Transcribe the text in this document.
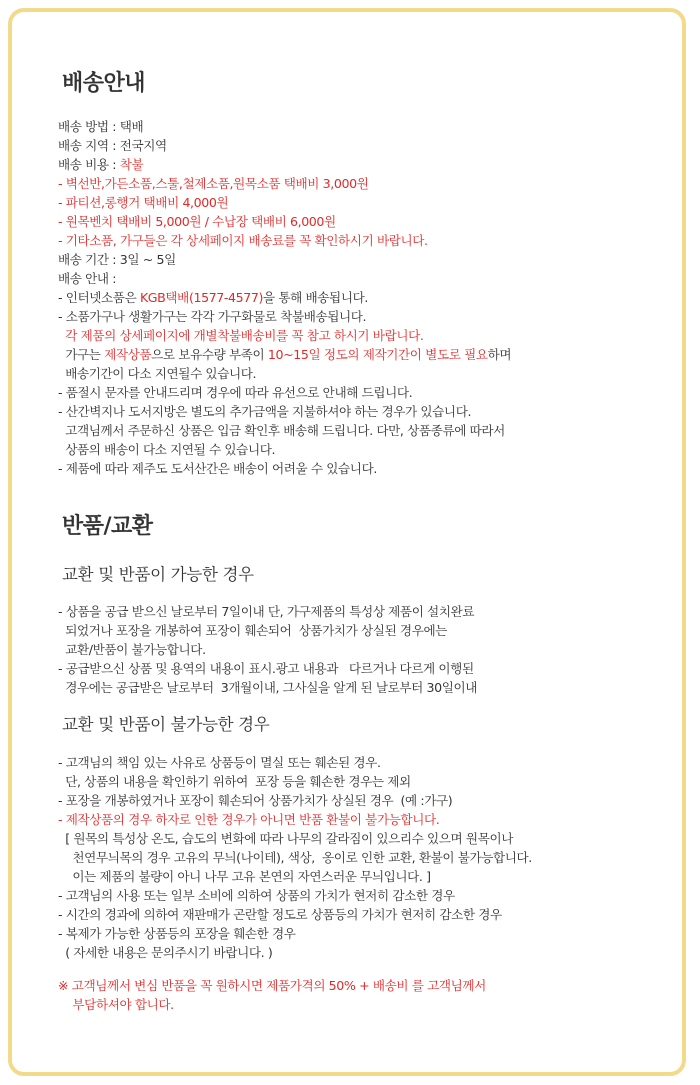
배송안내
배송 방법 : 택배
배송 지역 : 전국지역
배송 비용 : 착불
- 벽선반,가든소품,스툴,철제소품,원목소품 택배비 3,000원
- 파티션,롱행거 택배비 4,000원
- 원목벤치 택배비 5,000원 / 수납장 택배비 6,000원
- 기타소품, 가구들은 각 상세페이지 배송료를 꼭 확인하시기 바랍니다.
배송 기간 : 3일 ~ 5일
배송 안내 :
- 인터넷소품은 KGB택배(1577-4577)을 통해 배송됩니다.
- 소품가구나 생활가구는 각각 가구화물로 착불배송됩니다.
각 제품의 상세페이지에 개별착불배송비를 꼭 참고 하시기 바랍니다.
가구는 제작상품으로 보유수량 부족이 10~15일 정도의 제작기간이 별도로 필요하며
배송기간이 다소 지연될수 있습니다.
- 품절시 문자를 안내드리며 경우에 따라 유선으로 안내해 드립니다.
- 산간벽지나 도서지방은 별도의 추가금액을 지불하셔야 하는 경우가 있습니다.
고객님께서 주문하신 상품은 입금 확인후 배송해 드립니다. 다만, 상품종류에 따라서
상품의 배송이 다소 지연될 수 있습니다.
- 제품에 따라 제주도 도서산간은 배송이 어려울 수 있습니다.
반품/교환
교환 및 반품이 가능한 경우
- 상품을 공급 받으신 날로부터 7일이내 단, 가구제품의 특성상 제품이 설치완료
되었거나 포장을 개봉하여 포장이 훼손되어  상품가치가 상실된 경우에는
교환/반품이 불가능합니다.
- 공급받으신 상품 및 용역의 내용이 표시.광고 내용과   다르거나 다르게 이행된
경우에는 공급받은 날로부터  3개월이내, 그사실을 알게 된 날로부터 30일이내
교환 및 반품이 불가능한 경우
- 고객님의 책임 있는 사유로 상품등이 멸실 또는 훼손된 경우.
단, 상품의 내용을 확인하기 위하여  포장 등을 훼손한 경우는 제외
- 포장을 개봉하였거나 포장이 훼손되어 상품가치가 상실된 경우  (예 :가구)
- 제작상품의 경우 하자로 인한 경우가 아니면 반품 환불이 불가능합니다.
[ 원목의 특성상 온도, 습도의 변화에 따라 나무의 갈라짐이 있으리수 있으며 원목이나
천연무늬목의 경우 고유의 무늬(나이테), 색상,  옹이로 인한 교환, 환불이 불가능합니다.
이는 제품의 불량이 아니 나무 고유 본연의 자연스러운 무늬입니다. ]
- 고객님의 사용 또는 일부 소비에 의하여 상품의 가치가 현저히 감소한 경우
- 시간의 경과에 의하여 재판매가 곤란할 정도로 상품등의 가치가 현저히 감소한 경우
- 복제가 가능한 상품등의 포장을 훼손한 경우
( 자세한 내용은 문의주시기 바랍니다. )
※ 고객님께서 변심 반품을 꼭 원하시면 제품가격의 50% + 배송비 를 고객님께서
부담하셔야 합니다.
